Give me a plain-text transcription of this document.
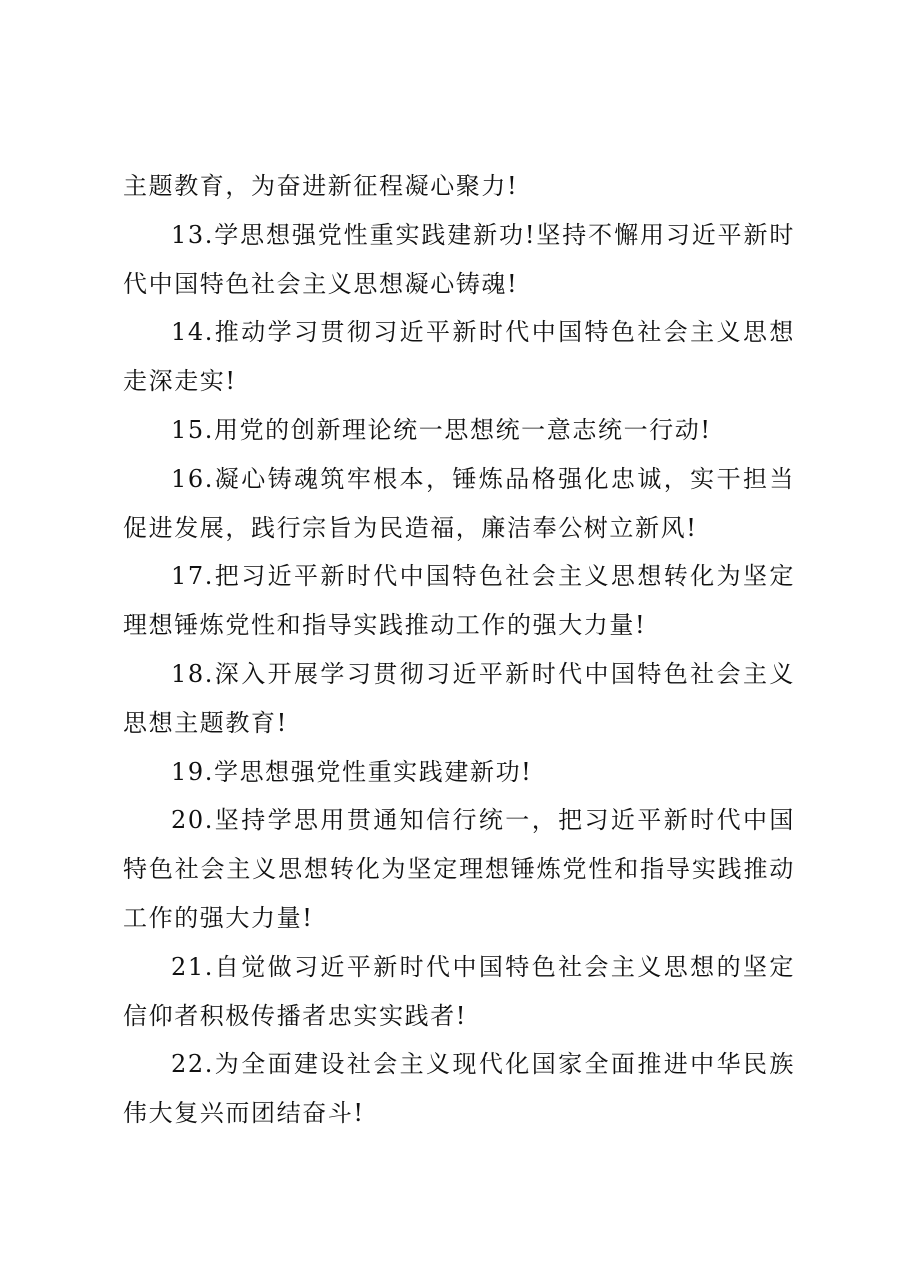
主题教育，为奋进新征程凝心聚力!

13.学思想强党性重实践建新功!坚持不懈用习近平新时代中国特色社会主义思想凝心铸魂!

14.推动学习贯彻习近平新时代中国特色社会主义思想走深走实!

15.用党的创新理论统一思想统一意志统一行动!

16.凝心铸魂筑牢根本，锤炼品格强化忠诚，实干担当促进发展，践行宗旨为民造福，廉洁奉公树立新风!

17.把习近平新时代中国特色社会主义思想转化为坚定理想锤炼党性和指导实践推动工作的强大力量!

18.深入开展学习贯彻习近平新时代中国特色社会主义思想主题教育!

19.学思想强党性重实践建新功!

20.坚持学思用贯通知信行统一，把习近平新时代中国特色社会主义思想转化为坚定理想锤炼党性和指导实践推动工作的强大力量!

21.自觉做习近平新时代中国特色社会主义思想的坚定信仰者积极传播者忠实实践者!

22.为全面建设社会主义现代化国家全面推进中华民族伟大复兴而团结奋斗!
